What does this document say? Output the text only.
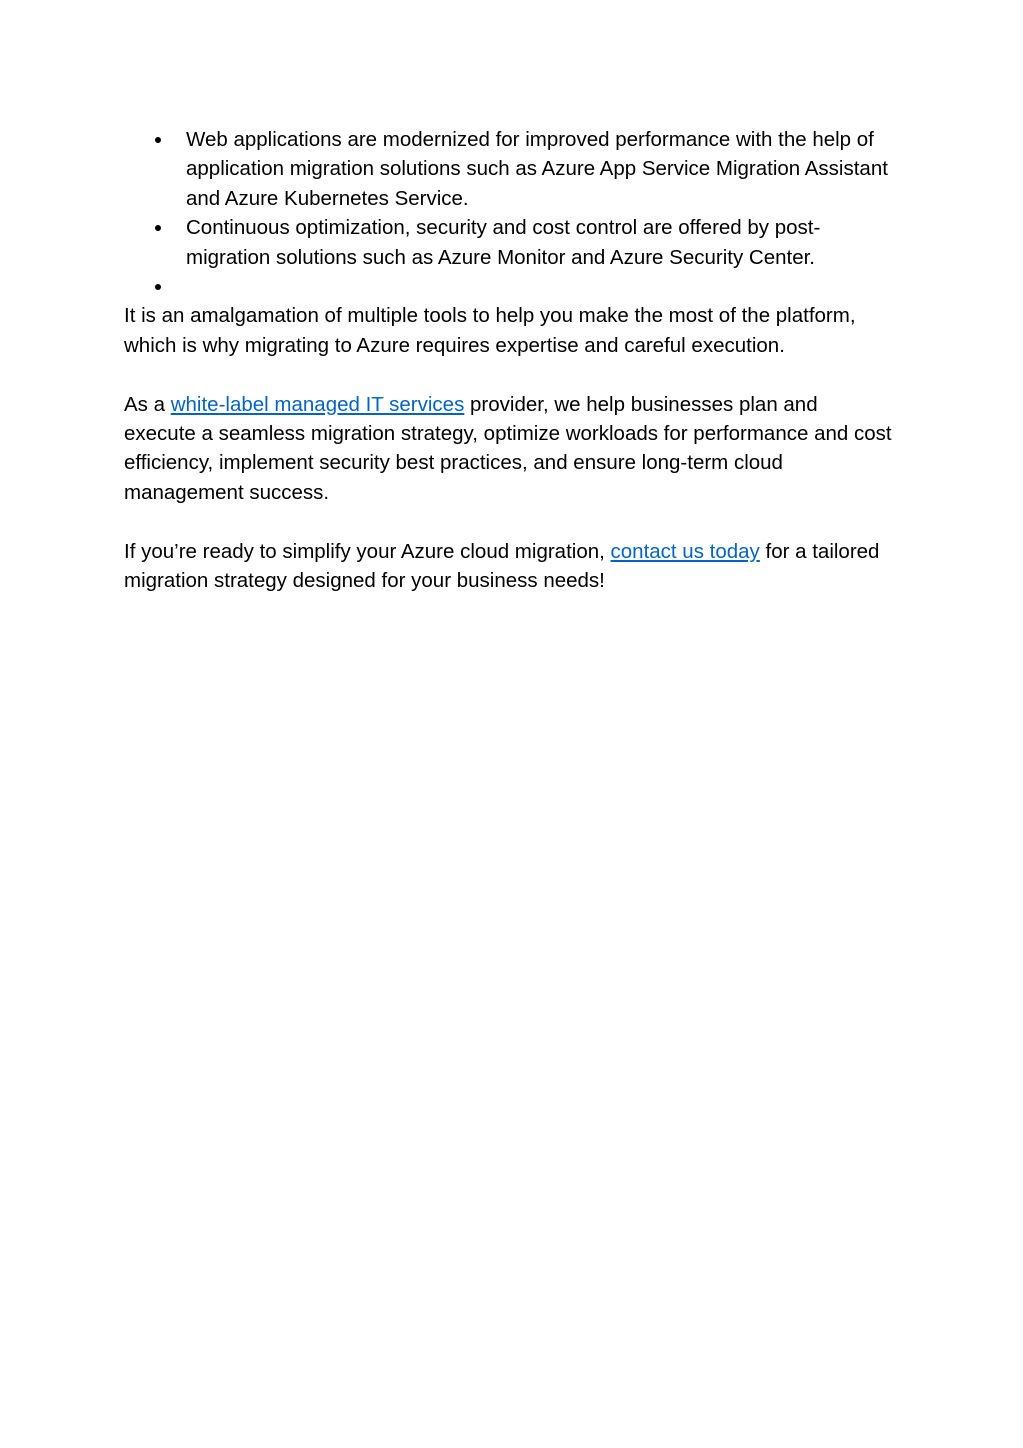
Web applications are modernized for improved performance with the help of application migration solutions such as Azure App Service Migration Assistant and Azure Kubernetes Service.
Continuous optimization, security and cost control are offered by post-migration solutions such as Azure Monitor and Azure Security Center.

It is an amalgamation of multiple tools to help you make the most of the platform, which is why migrating to Azure requires expertise and careful execution.

As a white-label managed IT services provider, we help businesses plan and execute a seamless migration strategy, optimize workloads for performance and cost efficiency, implement security best practices, and ensure long-term cloud management success.

If you’re ready to simplify your Azure cloud migration, contact us today for a tailored migration strategy designed for your business needs!
